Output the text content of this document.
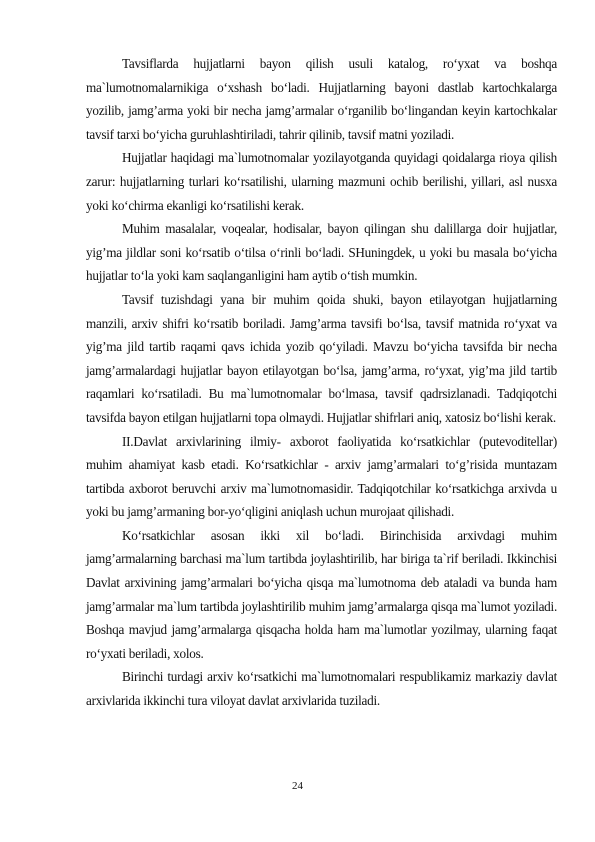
Tavsiflarda hujjatlarni bayon qilish usuli katalog, ro‘yxat va boshqa ma`lumotnomalarnikiga o‘xshash bo‘ladi. Hujjatlarning bayoni dastlab kartochkalarga yozilib, jamg’arma yoki bir necha jamg’armalar o‘rganilib bo‘lingandan keyin kartochkalar tavsif tarxi bo‘yicha guruhlashtiriladi, tahrir qilinib, tavsif matni yoziladi.

Hujjatlar haqidagi ma`lumotnomalar yozilayotganda quyidagi qoidalarga rioya qilish zarur: hujjatlarning turlari ko‘rsatilishi, ularning mazmuni ochib berilishi, yillari, asl nusxa yoki ko‘chirma ekanligi ko‘rsatilishi kerak.

Muhim masalalar, voqealar, hodisalar, bayon qilingan shu dalillarga doir hujjatlar, yig’ma jildlar soni ko‘rsatib o‘tilsa o‘rinli bo‘ladi. SHuningdek, u yoki bu masala bo‘yicha hujjatlar to‘la yoki kam saqlanganligini ham aytib o‘tish mumkin.

Tavsif tuzishdagi yana bir muhim qoida shuki, bayon etilayotgan hujjatlarning manzili, arxiv shifri ko‘rsatib boriladi. Jamg’arma tavsifi bo‘lsa, tavsif matnida ro‘yxat va yig’ma jild tartib raqami qavs ichida yozib qo‘yiladi. Mavzu bo‘yicha tavsifda bir necha jamg’armalardagi hujjatlar bayon etilayotgan bo‘lsa, jamg’arma, ro‘yxat, yig’ma jild tartib raqamlari ko‘rsatiladi. Bu ma`lumotnomalar bo‘lmasa, tavsif qadrsizlanadi. Tadqiqotchi tavsifda bayon etilgan hujjatlarni topa olmaydi. Hujjatlar shifrlari aniq, xatosiz bo‘lishi kerak.

II.Davlat arxivlarining ilmiy- axborot faoliyatida ko‘rsatkichlar (putevoditellar) muhim ahamiyat kasb etadi. Ko‘rsatkichlar - arxiv jamg’armalari to‘g’risida muntazam tartibda axborot beruvchi arxiv ma`lumotnomasidir. Tadqiqotchilar ko‘rsatkichga arxivda u yoki bu jamg’armaning bor-yo‘qligini aniqlash uchun murojaat qilishadi.

Ko‘rsatkichlar asosan ikki xil bo‘ladi. Birinchisida arxivdagi muhim jamg’armalarning barchasi ma`lum tartibda joylashtirilib, har biriga ta`rif beriladi. Ikkinchisi Davlat arxivining jamg’armalari bo‘yicha qisqa ma`lumotnoma deb ataladi va bunda ham jamg’armalar ma`lum tartibda joylashtirilib muhim jamg’armalarga qisqa ma`lumot yoziladi. Boshqa mavjud jamg’armalarga qisqacha holda ham ma`lumotlar yozilmay, ularning faqat ro‘yxati beriladi, xolos.

Birinchi turdagi arxiv ko‘rsatkichi ma`lumotnomalari respublikamiz markaziy davlat arxivlarida ikkinchi tura viloyat davlat arxivlarida tuziladi.

24
